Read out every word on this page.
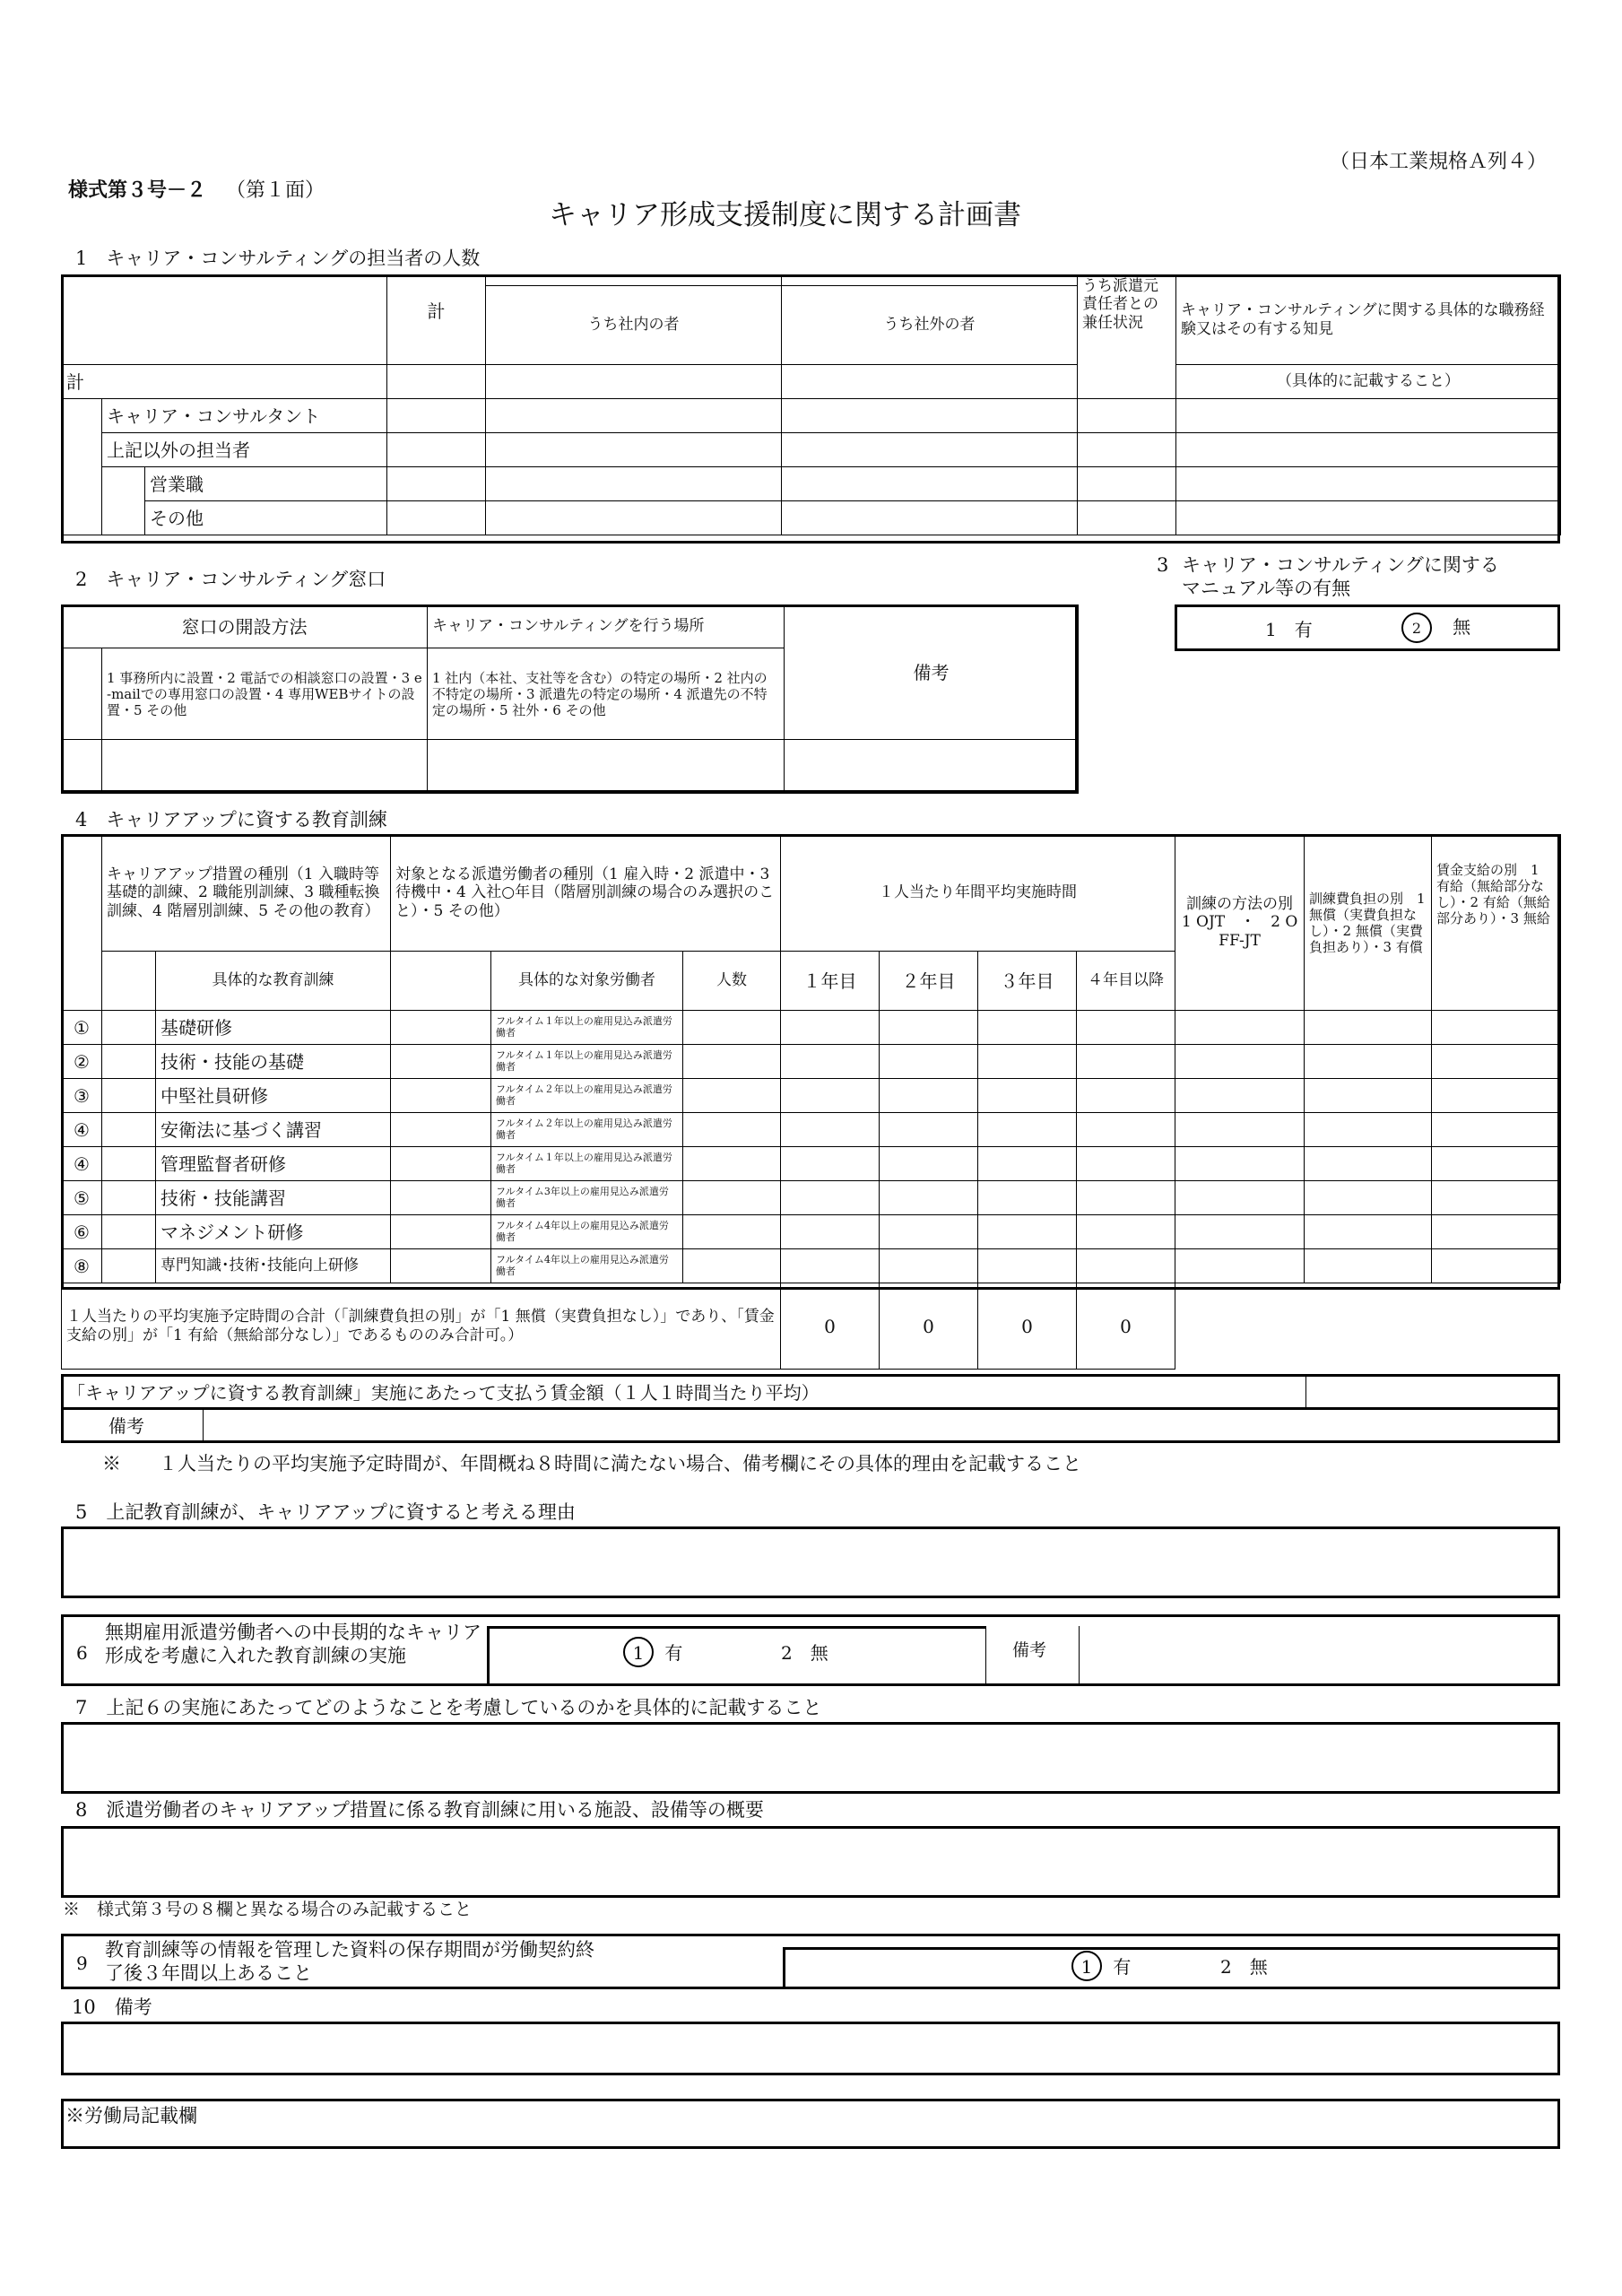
（日本工業規格Ａ列４）
様式第３号－２ （第１面）
キャリア形成支援制度に関する計画書
1　キャリア・コンサルティングの担当者の人数
			計			うち派遣元責任者との兼任状況	キャリア・コンサルティングに関する具体的な職務経験又はその有する知見
				うち社内の者	うち社外の者		
計							（具体的に記載すること）
	キャリア・コンサルタント						
	上記以外の担当者						
		営業職					
		その他					
2　キャリア・コンサルティング窓口
窓口の開設方法		キャリア・コンサルティングを行う場所	備考
	1 事務所内に設置・2 電話での相談窓口の設置・3 e-mailでの専用窓口の設置・4 専用WEBサイトの設置・5 その他	1 社内（本社、支社等を含む）の特定の場所・2 社内の不特定の場所・3 派遣先の特定の場所・4 派遣先の不特定の場所・5 社外・6 その他	

3 キャリア・コンサルティングに関する
マニュアル等の有無
1　有	2 無
4　キャリアアップに資する教育訓練
	キャリアアップ措置の種別（1 入職時等基礎的訓練、2 職能別訓練、3 職種転換訓練、4 階層別訓練、5 その他の教育）		対象となる派遣労働者の種別（1 雇入時・2 派遣中・3 待機中・4 入社○年目（階層別訓練の場合のみ選択のこと）・5 その他）			１人当たり年間平均実施時間				訓練の方法の別　1 OJT　・　2 OFF-JT	訓練費負担の別　1 無償（実費負担なし）・2 無償（実費負担あり）・3 有償	賃金支給の別　1 有給（無給部分なし）・2 有給（無給部分あり）・3 無給
		具体的な教育訓練		具体的な対象労働者	人数	１年目	２年目	３年目	４年目以降			
①		基礎研修		フルタイム１年以上の雇用見込み派遣労働者								
②		技術・技能の基礎		フルタイム１年以上の雇用見込み派遣労働者								
③		中堅社員研修		フルタイム２年以上の雇用見込み派遣労働者								
④		安衛法に基づく講習		フルタイム２年以上の雇用見込み派遣労働者								
④		管理監督者研修		フルタイム１年以上の雇用見込み派遣労働者								
⑤		技術・技能講習		フルタイム3年以上の雇用見込み派遣労働者								
⑥		マネジメント研修		フルタイム4年以上の雇用見込み派遣労働者								
⑧		専門知識･技術･技能向上研修		フルタイム4年以上の雇用見込み派遣労働者								
１人当たりの平均実施予定時間の合計（「訓練費負担の別」が「1 無償（実費負担なし）」であり、「賃金支給の別」が「1 有給（無給部分なし）」であるもののみ合計可。）						0	0	0	0			
「キャリアアップに資する教育訓練」実施にあたって支払う賃金額（１人１時間当たり平均）
備考
※　　１人当たりの平均実施予定時間が、年間概ね８時間に満たない場合、備考欄にその具体的理由を記載すること
5　上記教育訓練が、キャリアアップに資すると考える理由
6
無期雇用派遣労働者への中長期的なキャリア形成を考慮に入れた教育訓練の実施	1 有	2　無	備考
7　上記６の実施にあたってどのようなことを考慮しているのかを具体的に記載すること
8　派遣労働者のキャリアアップ措置に係る教育訓練に用いる施設、設備等の概要
※　様式第３号の８欄と異なる場合のみ記載すること
9
教育訓練等の情報を管理した資料の保存期間が労働契約終
了後３年間以上あること	1 有	2　無
10　備考
※労働局記載欄
